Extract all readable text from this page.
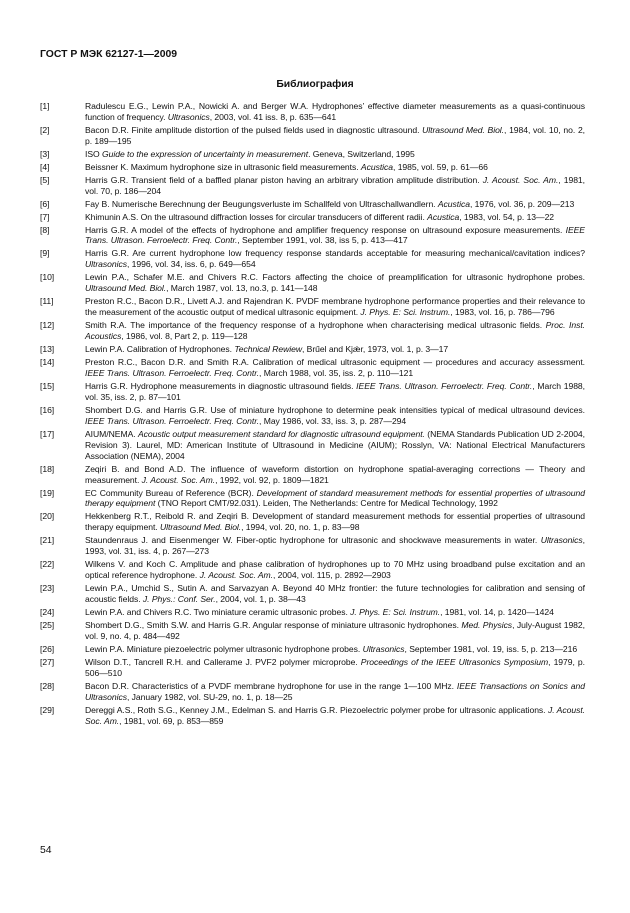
ГОСТ Р МЭК 62127-1—2009
Библиография
[1]	Radulescu E.G., Lewin P.A., Nowicki A. and Berger W.A. Hydrophones’ effective diameter measurements as a quasi-continuous function of frequency. Ultrasonics, 2003, vol. 41 iss. 8, p. 635—641
[2]	Bacon D.R. Finite amplitude distortion of the pulsed fields used in diagnostic ultrasound. Ultrasound Med. Biol., 1984, vol. 10, no. 2, p. 189—195
[3]	ISO Guide to the expression of uncertainty in measurement. Geneva, Switzerland, 1995
[4]	Beissner K. Maximum hydrophone size in ultrasonic field measurements. Acustica, 1985, vol. 59, p. 61—66
[5]	Harris G.R. Transient field of a baffled planar piston having an arbitrary vibration amplitude distribution. J. Acoust. Soc. Am., 1981, vol. 70, p. 186—204
[6]	Fay B. Numerische Berechnung der Beugungsverluste im Schallfeld von Ultraschallwandlern. Acustica, 1976, vol. 36, p. 209—213
[7]	Khimunin A.S. On the ultrasound diffraction losses for circular transducers of different radii. Acustica, 1983, vol. 54, p. 13—22
[8]	Harris G.R. A model of the effects of hydrophone and amplifier frequency response on ultrasound exposure measurements. IEEE Trans. Ultrason. Ferroelectr. Freq. Contr., September 1991, vol. 38, iss 5, p. 413—417
[9]	Harris G.R. Are current hydrophone low frequency response standards acceptable for measuring mechanical/cavitation indices? Ultrasonics, 1996, vol. 34, iss. 6, p. 649—654
[10]	Lewin P.A., Schafer M.E. and Chivers R.C. Factors affecting the choice of preamplification for ultrasonic hydrophone probes. Ultrasound Med. Biol., March 1987, vol. 13, no.3, p. 141—148
[11]	Preston R.C., Bacon D.R., Livett A.J. and Rajendran K. PVDF membrane hydrophone performance properties and their relevance to the measurement of the acoustic output of medical ultrasonic equipment. J. Phys. E: Sci. Instrum., 1983, vol. 16, p. 786—796
[12]	Smith R.A. The importance of the frequency response of a hydrophone when characterising medical ultrasonic fields. Proc. Inst. Acoustics, 1986, vol. 8, Part 2, p. 119—128
[13]	Lewin P.A. Calibration of Hydrophones. Technical Rewiew, Brűel and Kjǽr, 1973, vol. 1, p. 3—17
[14]	Preston R.C., Bacon D.R. and Smith R.A. Calibration of medical ultrasonic equipment — procedures and accuracy assessment. IEEE Trans. Ultrason. Ferroelectr. Freq. Contr., March 1988, vol. 35, iss. 2, p. 110—121
[15]	Harris G.R. Hydrophone measurements in diagnostic ultrasound fields. IEEE Trans. Ultrason. Ferroelectr. Freq. Contr., March 1988, vol. 35, iss. 2, p. 87—101
[16]	Shombert D.G. and Harris G.R. Use of miniature hydrophone to determine peak intensities typical of medical ultrasound devices. IEEE Trans. Ultrason. Ferroelectr. Freq. Contr., May 1986, vol. 33, iss. 3, p. 287—294
[17]	AIUM/NEMA. Acoustic output measurement standard for diagnostic ultrasound equipment. (NEMA Standards Publication UD 2-2004, Revision 3). Laurel, MD: American Institute of Ultrasound in Medicine (AIUM); Rosslyn, VA: National Electrical Manufacturers Association (NEMA), 2004
[18]	Zeqiri B. and Bond A.D. The influence of waveform distortion on hydrophone spatial-averaging corrections — Theory and measurement. J. Acoust. Soc. Am., 1992, vol. 92, p. 1809—1821
[19]	EC Community Bureau of Reference (BCR). Development of standard measurement methods for essential properties of ultrasound therapy equipment (TNO Report CMT/92.031). Leiden, The Netherlands: Centre for Medical Technology, 1992
[20]	Hekkenberg R.T., Reibold R. and Zeqiri B. Development of standard measurement methods for essential properties of ultrasound therapy equipment. Ultrasound Med. Biol., 1994, vol. 20, no. 1, p. 83—98
[21]	Staundenraus J. and Eisenmenger W. Fiber-optic hydrophone for ultrasonic and shockwave measurements in water. Ultrasonics, 1993, vol. 31, iss. 4, p. 267—273
[22]	Wilkens V. and Koch C. Amplitude and phase calibration of hydrophones up to 70 MHz using broadband pulse excitation and an optical reference hydrophone. J. Acoust. Soc. Am., 2004, vol. 115, p. 2892—2903
[23]	Lewin P.A., Umchid S., Sutin A. and Sarvazyan A. Beyond 40 MHz frontier: the future technologies for calibration and sensing of acoustic fields. J. Phys.: Conf. Ser., 2004, vol. 1, p. 38—43
[24]	Lewin P.A. and Chivers R.C. Two miniature ceramic ultrasonic probes. J. Phys. E: Sci. Instrum., 1981, vol. 14, p. 1420—1424
[25]	Shombert D.G., Smith S.W. and Harris G.R. Angular response of miniature ultrasonic hydrophones. Med. Physics, July-August 1982, vol. 9, no. 4, p. 484—492
[26]	Lewin P.A. Miniature piezoelectric polymer ultrasonic hydrophone probes. Ultrasonics, September 1981, vol. 19, iss. 5, p. 213—216
[27]	Wilson D.T., Tancrell R.H. and Callerame J. PVF2 polymer microprobe. Proceedings of the IEEE Ultrasonics Symposium, 1979, p. 506—510
[28]	Bacon D.R. Characteristics of a PVDF membrane hydrophone for use in the range 1—100 MHz. IEEE Transactions on Sonics and Ultrasonics, January 1982, vol. SU-29, no. 1, p. 18—25
[29]	Dereggi A.S., Roth S.G., Kenney J.M., Edelman S. and Harris G.R. Piezoelectric polymer probe for ultrasonic applications. J. Acoust. Soc. Am., 1981, vol. 69, p. 853—859
54
